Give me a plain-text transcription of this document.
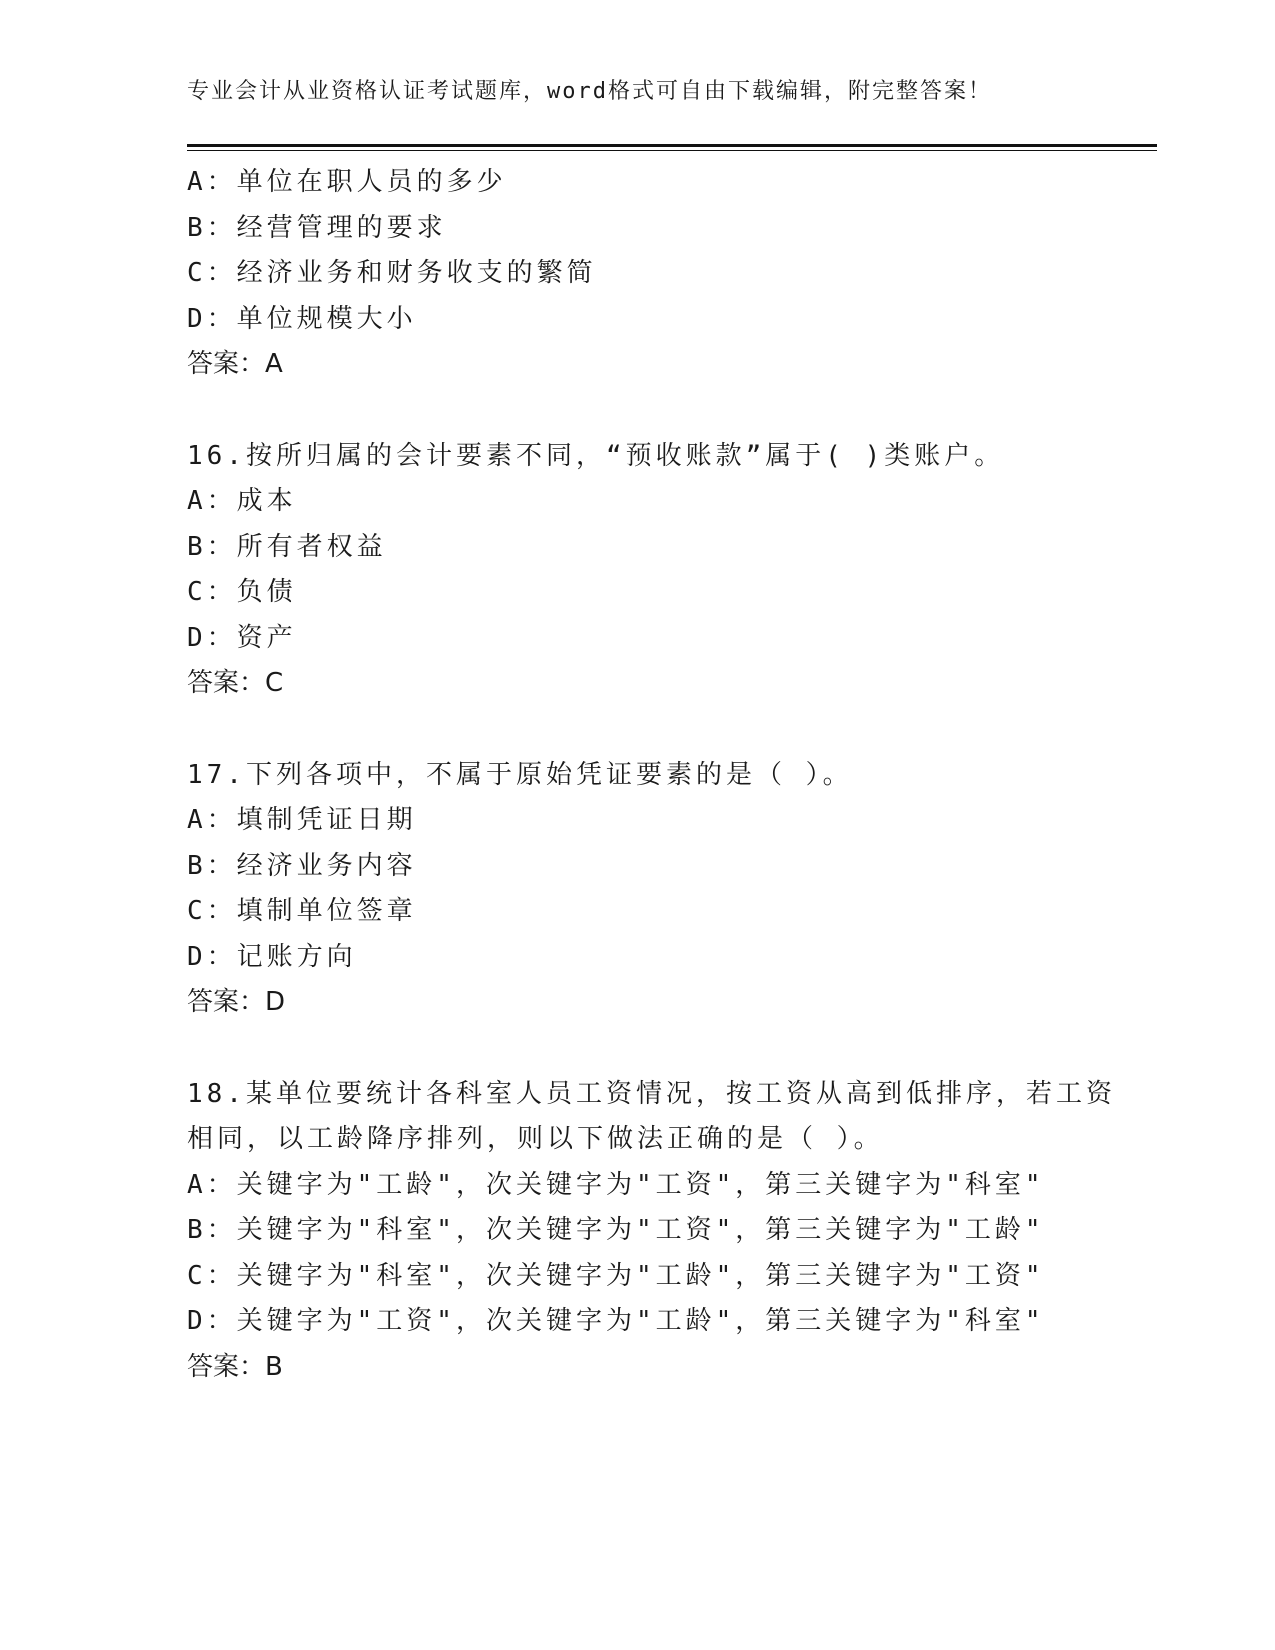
专业会计从业资格认证考试题库，word格式可自由下载编辑，附完整答案！
A：单位在职人员的多少
B：经营管理的要求
C：经济业务和财务收支的繁简
D：单位规模大小
答案：A
16.按所归属的会计要素不同，“预收账款”属于( )类账户。
A：成本
B：所有者权益
C：负债
D：资产
答案：C
17.下列各项中，不属于原始凭证要素的是（ ）。
A：填制凭证日期
B：经济业务内容
C：填制单位签章
D：记账方向
答案：D
18.某单位要统计各科室人员工资情况，按工资从高到低排序，若工资
相同，以工龄降序排列，则以下做法正确的是（ ）。
A：关键字为"工龄"，次关键字为"工资"，第三关键字为"科室"
B：关键字为"科室"，次关键字为"工资"，第三关键字为"工龄"
C：关键字为"科室"，次关键字为"工龄"，第三关键字为"工资"
D：关键字为"工资"，次关键字为"工龄"，第三关键字为"科室"
答案：B
